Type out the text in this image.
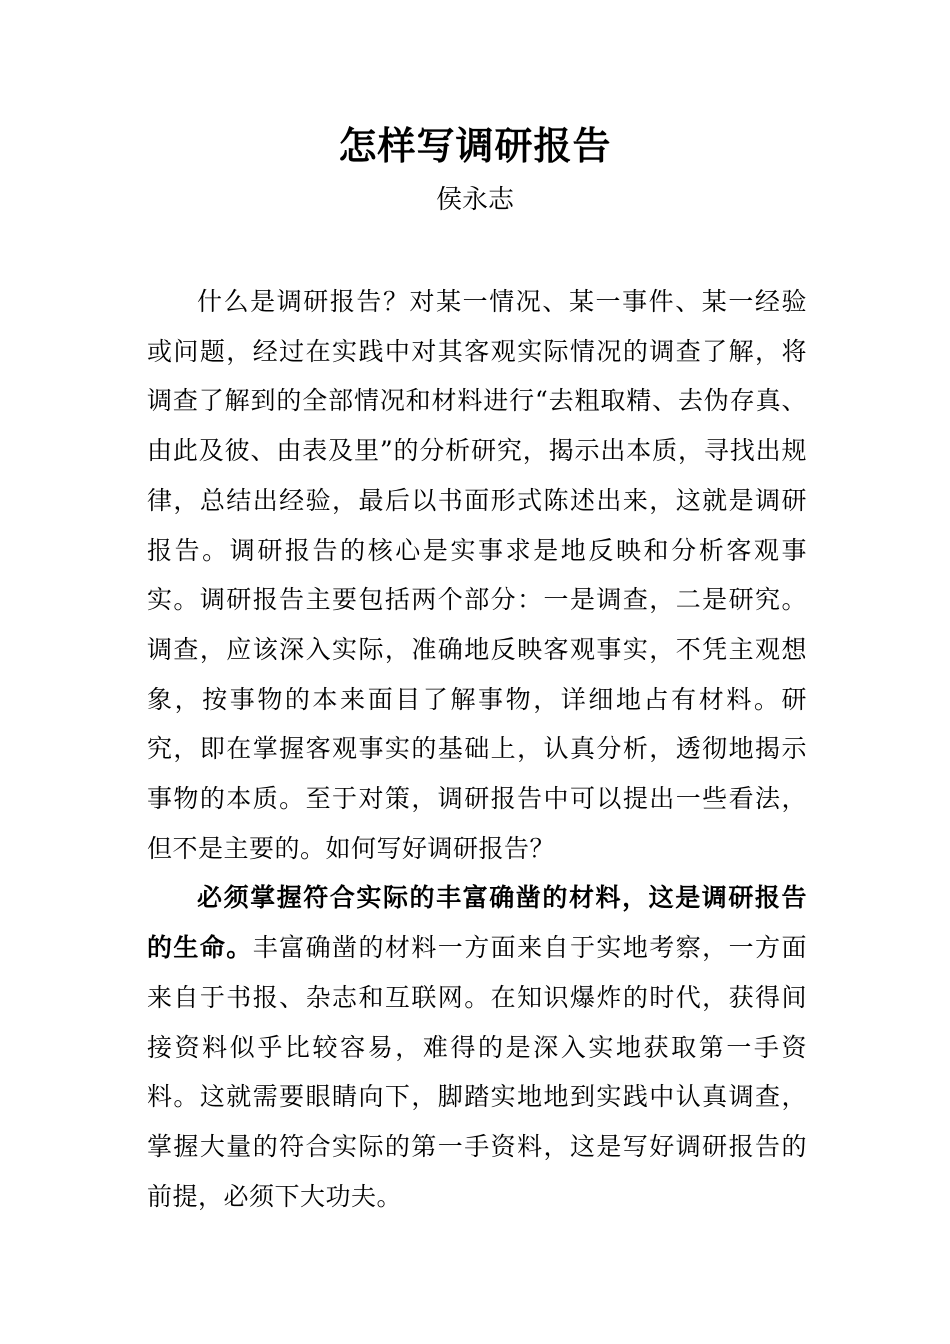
怎样写调研报告
侯永志

什么是调研报告？对某一情况、某一事件、某一经验或问题，经过在实践中对其客观实际情况的调查了解，将调查了解到的全部情况和材料进行“去粗取精、去伪存真、由此及彼、由表及里”的分析研究，揭示出本质，寻找出规律，总结出经验，最后以书面形式陈述出来，这就是调研报告。调研报告的核心是实事求是地反映和分析客观事实。调研报告主要包括两个部分：一是调查，二是研究。调查，应该深入实际，准确地反映客观事实，不凭主观想象，按事物的本来面目了解事物，详细地占有材料。研究，即在掌握客观事实的基础上，认真分析，透彻地揭示事物的本质。至于对策，调研报告中可以提出一些看法，但不是主要的。如何写好调研报告？

必须掌握符合实际的丰富确凿的材料，这是调研报告的生命。丰富确凿的材料一方面来自于实地考察，一方面来自于书报、杂志和互联网。在知识爆炸的时代，获得间接资料似乎比较容易，难得的是深入实地获取第一手资料。这就需要眼睛向下，脚踏实地地到实践中认真调查，掌握大量的符合实际的第一手资料，这是写好调研报告的前提，必须下大功夫。
